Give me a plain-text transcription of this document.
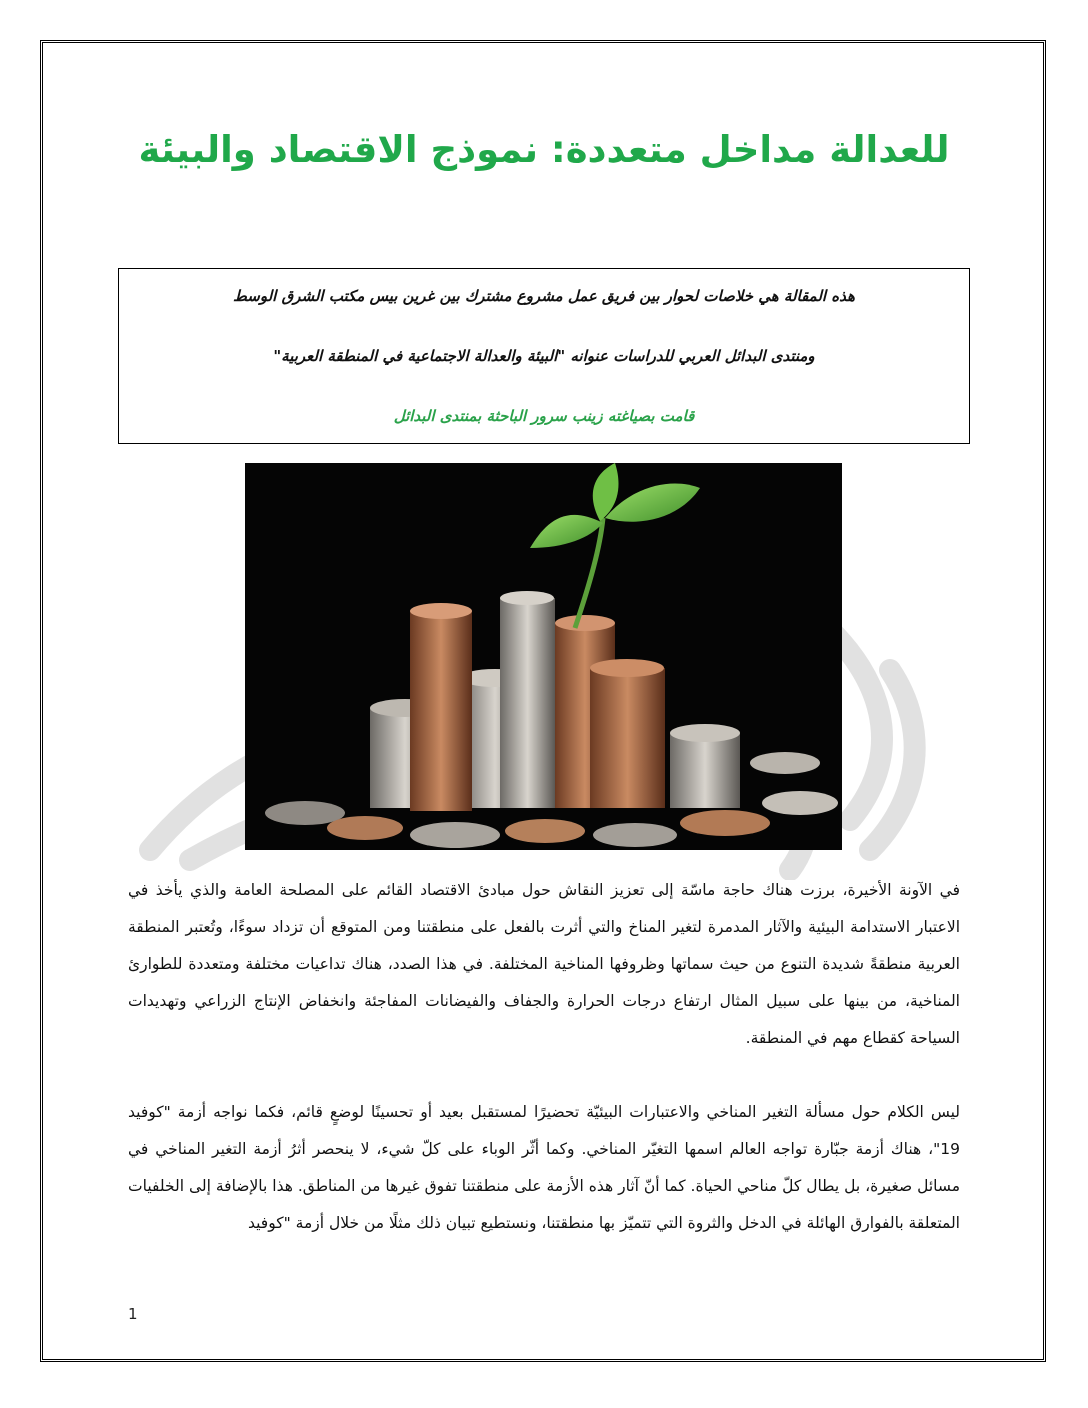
للعدالة مداخل متعددة: نموذج الاقتصاد والبيئة
هذه المقالة هي خلاصات لحوار بين فريق عمل مشروع مشترك بين غرين بيس مكتب الشرق الوسط
ومنتدى البدائل العربي للدراسات عنوانه "البيئة والعدالة الاجتماعية في المنطقة العربية"
قامت بصياغته زينب سرور الباحثة بمنتدى البدائل

في الآونة الأخيرة، برزت هناك حاجة ماسّة إلى تعزيز النقاش حول مبادئ الاقتصاد القائم على المصلحة العامة والذي يأخذ في الاعتبار الاستدامة البيئية والآثار المدمرة لتغير المناخ والتي أثرت بالفعل على منطقتنا ومن المتوقع أن تزداد سوءًا، وتُعتبر المنطقة العربية منطقةً شديدة التنوع من حيث سماتها وظروفها المناخية المختلفة. في هذا الصدد، هناك تداعيات مختلفة ومتعددة للطوارئ المناخية، من بينها على سبيل المثال ارتفاع درجات الحرارة والجفاف والفيضانات المفاجئة وانخفاض الإنتاج الزراعي وتهديدات السياحة كقطاع مهم في المنطقة.

ليس الكلام حول مسألة التغير المناخي والاعتبارات البيئيّة تحضيرًا لمستقبل بعيد أو تحسينًا لوضعٍ قائم، فكما نواجه أزمة "كوفيد 19"، هناك أزمة جبّارة تواجه العالم اسمها التغيّر المناخي. وكما أثّر الوباء على كلّ شيء، لا ينحصر أثرُ أزمة التغير المناخي في مسائل صغيرة، بل يطال كلّ مناحي الحياة. كما أنّ آثار هذه الأزمة على منطقتنا تفوق غيرها من المناطق. هذا بالإضافة إلى الخلفيات المتعلقة بالفوارق الهائلة في الدخل والثروة التي تتميّز بها منطقتنا، ونستطيع تبيان ذلك مثلًا من خلال أزمة "كوفيد

1
